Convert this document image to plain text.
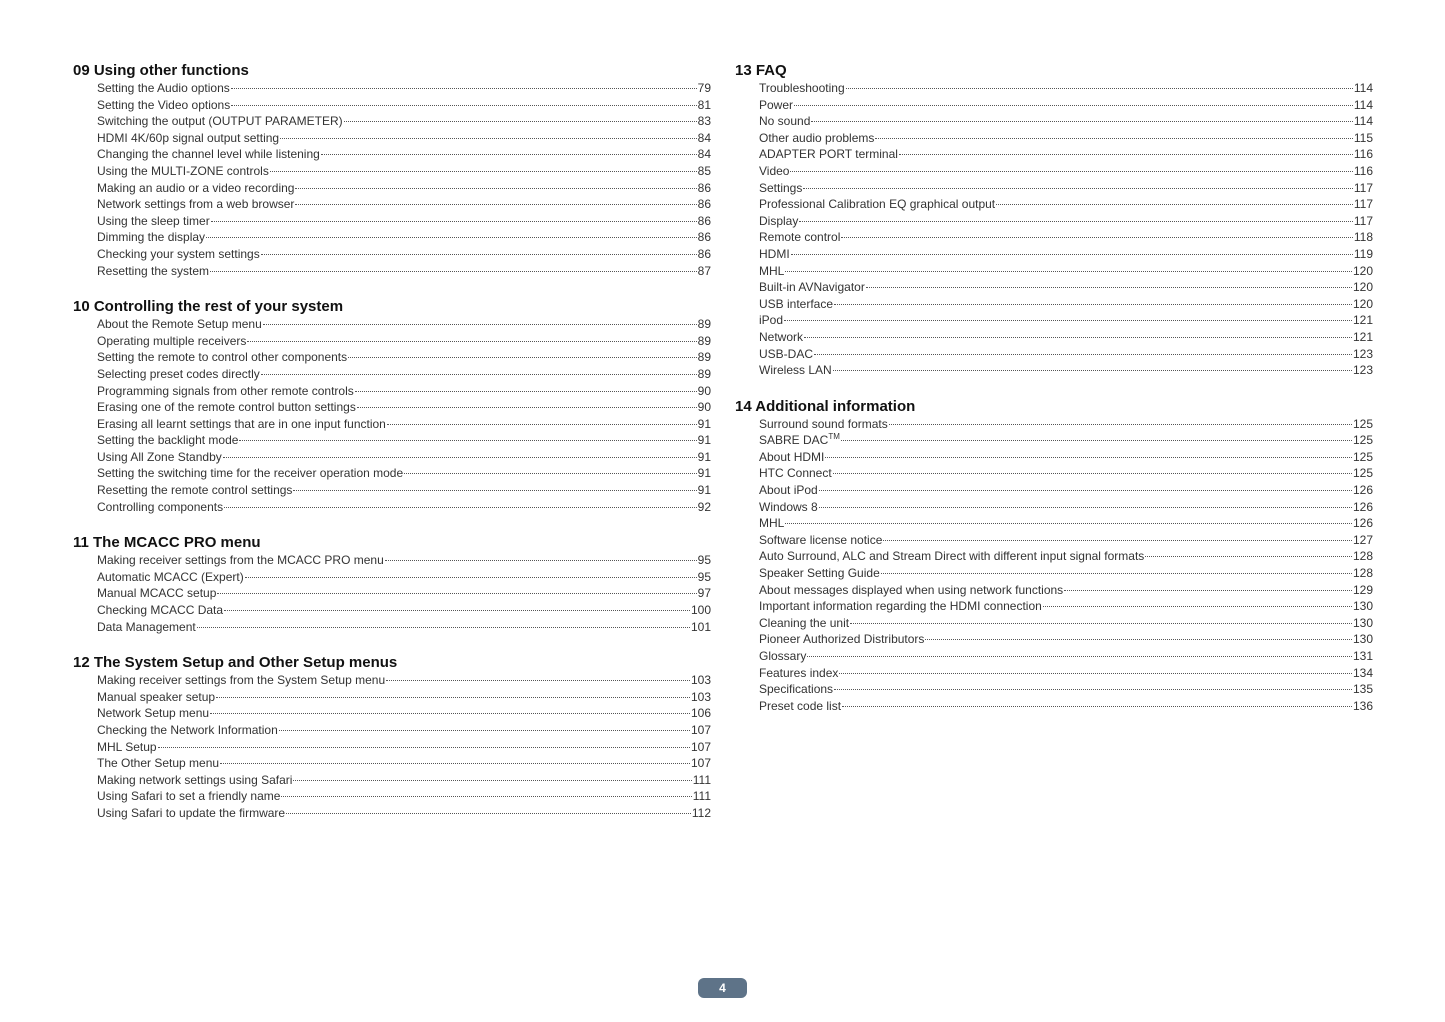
09 Using other functions
Setting the Audio options	79
Setting the Video options	81
Switching the output (OUTPUT PARAMETER)	83
HDMI 4K/60p signal output setting	84
Changing the channel level while listening	84
Using the MULTI-ZONE controls	85
Making an audio or a video recording	86
Network settings from a web browser	86
Using the sleep timer	86
Dimming the display	86
Checking your system settings	86
Resetting the system	87
10 Controlling the rest of your system
About the Remote Setup menu	89
Operating multiple receivers	89
Setting the remote to control other components	89
Selecting preset codes directly	89
Programming signals from other remote controls	90
Erasing one of the remote control button settings	90
Erasing all learnt settings that are in one input function	91
Setting the backlight mode	91
Using All Zone Standby	91
Setting the switching time for the receiver operation mode	91
Resetting the remote control settings	91
Controlling components	92
11 The MCACC PRO menu
Making receiver settings from the MCACC PRO menu	95
Automatic MCACC (Expert)	95
Manual MCACC setup	97
Checking MCACC Data	100
Data Management	101
12 The System Setup and Other Setup menus
Making receiver settings from the System Setup menu	103
Manual speaker setup	103
Network Setup menu	106
Checking the Network Information	107
MHL Setup	107
The Other Setup menu	107
Making network settings using Safari	111
Using Safari to set a friendly name	111
Using Safari to update the firmware	112
13 FAQ
Troubleshooting	114
Power	114
No sound	114
Other audio problems	115
ADAPTER PORT terminal	116
Video	116
Settings	117
Professional Calibration EQ graphical output	117
Display	117
Remote control	118
HDMI	119
MHL	120
Built-in AVNavigator	120
USB interface	120
iPod	121
Network	121
USB-DAC	123
Wireless LAN	123
14 Additional information
Surround sound formats	125
SABRE DAC™	125
About HDMI	125
HTC Connect	125
About iPod	126
Windows 8	126
MHL	126
Software license notice	127
Auto Surround, ALC and Stream Direct with different input signal formats	128
Speaker Setting Guide	128
About messages displayed when using network functions	129
Important information regarding the HDMI connection	130
Cleaning the unit	130
Pioneer Authorized Distributors	130
Glossary	131
Features index	134
Specifications	135
Preset code list	136
4
